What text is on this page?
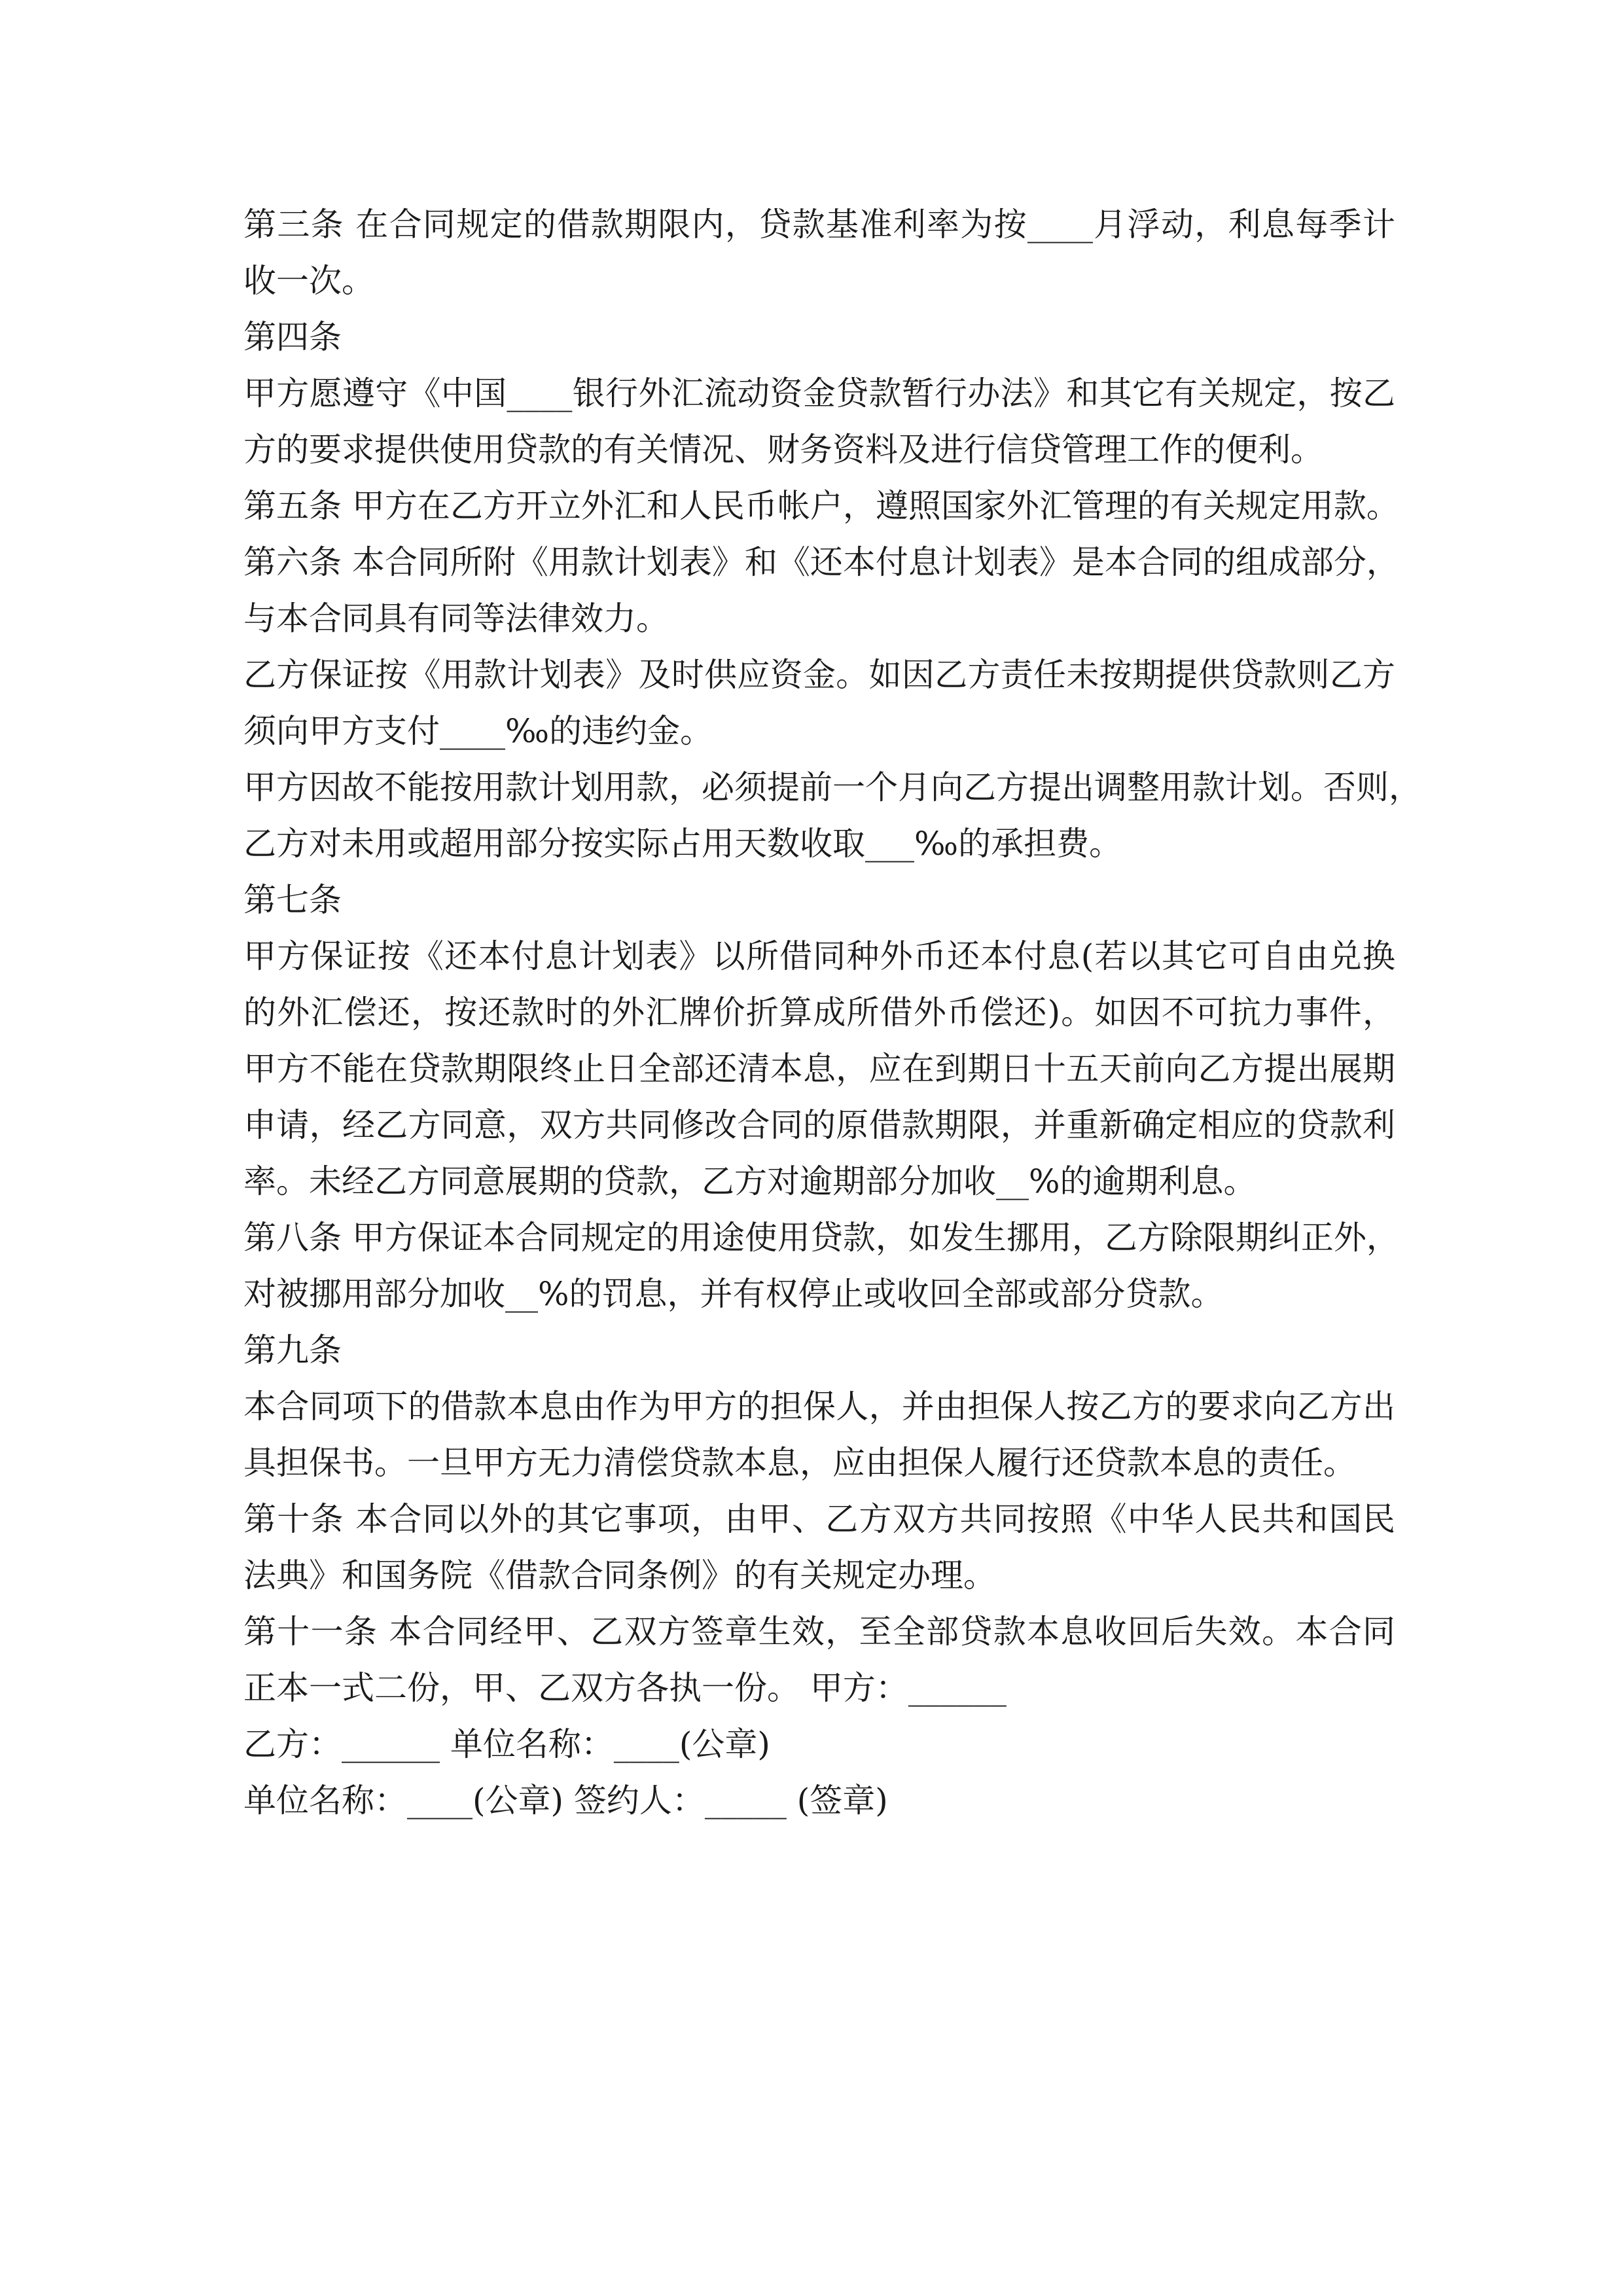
第三条 在合同规定的借款期限内，贷款基准利率为按____月浮动，利息每季计
收一次。
第四条
甲方愿遵守《中国____银行外汇流动资金贷款暂行办法》和其它有关规定，按乙
方的要求提供使用贷款的有关情况、财务资料及进行信贷管理工作的便利。
第五条 甲方在乙方开立外汇和人民币帐户，遵照国家外汇管理的有关规定用款。
第六条 本合同所附《用款计划表》和《还本付息计划表》是本合同的组成部分，
与本合同具有同等法律效力。
乙方保证按《用款计划表》及时供应资金。如因乙方责任未按期提供贷款则乙方
须向甲方支付____‰的违约金。
甲方因故不能按用款计划用款，必须提前一个月向乙方提出调整用款计划。否则，
乙方对未用或超用部分按实际占用天数收取___‰的承担费。
第七条
甲方保证按《还本付息计划表》以所借同种外币还本付息(若以其它可自由兑换
的外汇偿还，按还款时的外汇牌价折算成所借外币偿还)。如因不可抗力事件，
甲方不能在贷款期限终止日全部还清本息，应在到期日十五天前向乙方提出展期
申请，经乙方同意，双方共同修改合同的原借款期限，并重新确定相应的贷款利
率。未经乙方同意展期的贷款，乙方对逾期部分加收__%的逾期利息。
第八条 甲方保证本合同规定的用途使用贷款，如发生挪用，乙方除限期纠正外，
对被挪用部分加收__%的罚息，并有权停止或收回全部或部分贷款。
第九条
本合同项下的借款本息由作为甲方的担保人，并由担保人按乙方的要求向乙方出
具担保书。一旦甲方无力清偿贷款本息，应由担保人履行还贷款本息的责任。
第十条 本合同以外的其它事项，由甲、乙方双方共同按照《中华人民共和国民
法典》和国务院《借款合同条例》的有关规定办理。
第十一条 本合同经甲、乙双方签章生效，至全部贷款本息收回后失效。本合同
正本一式二份，甲、乙双方各执一份。 甲方：______
乙方：______ 单位名称：____(公章)
单位名称：____(公章) 签约人：_____ (签章)
